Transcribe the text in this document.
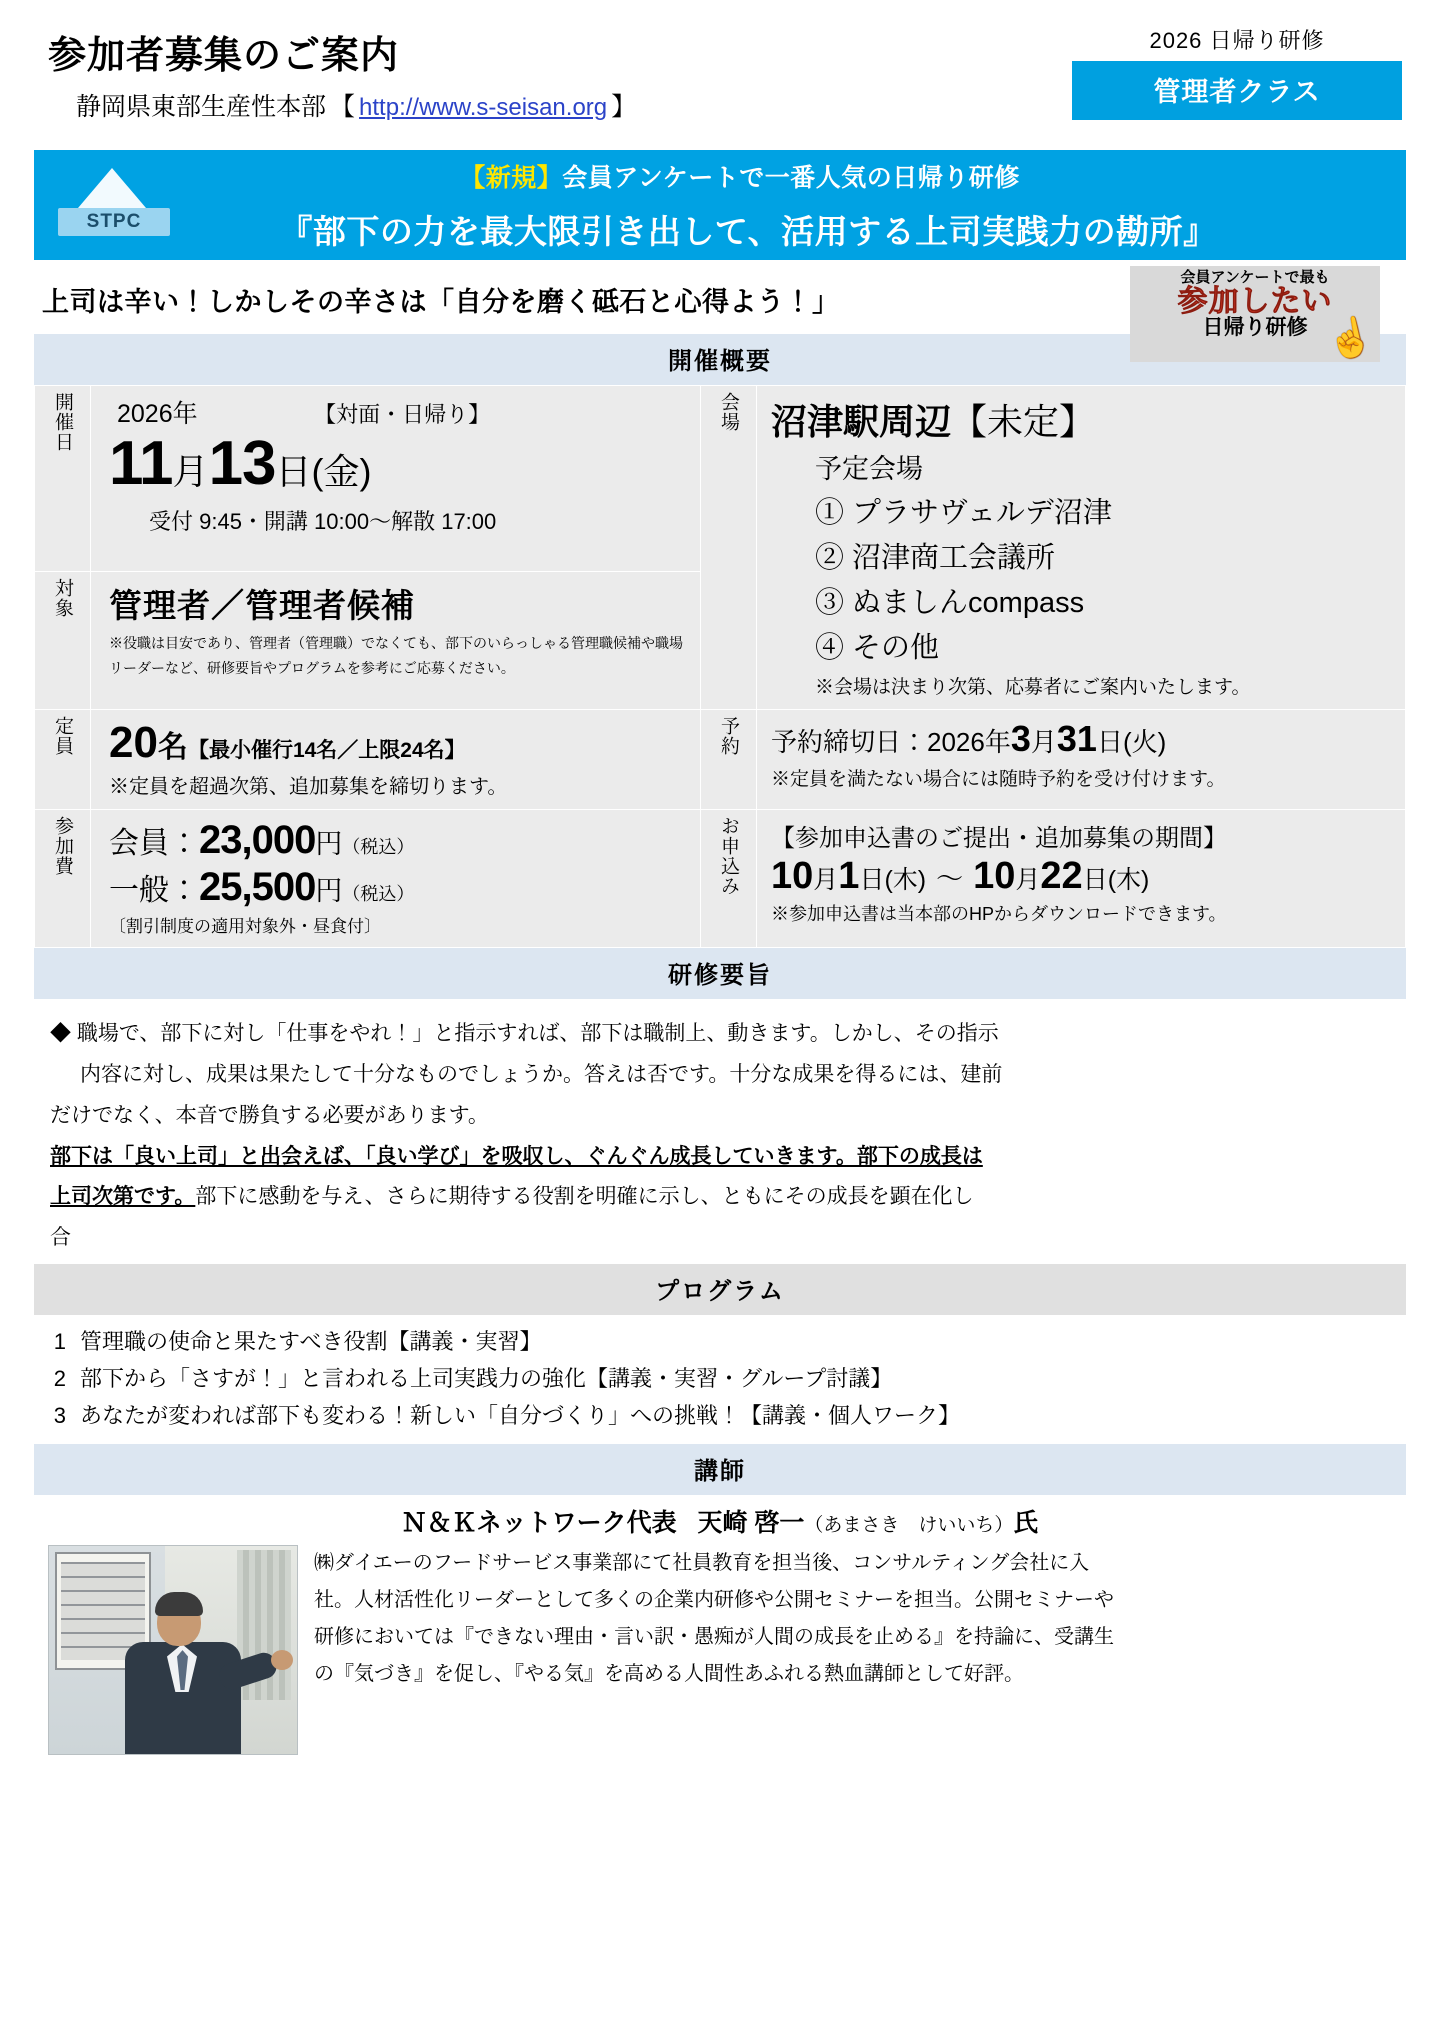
参加者募集のご案内
静岡県東部生産性本部 【 http://www.s-seisan.org 】
2026 日帰り研修
管理者クラス
STPC
【新規】会員アンケートで一番人気の日帰り研修
『部下の力を最大限引き出して、活用する上司実践力の勘所』
上司は辛い！しかしその辛さは「自分を磨く砥石と心得よう！」
会員アンケートで最も
参加したい
日帰り研修 ☝
開催概要
開催日	2026年	【対面・日帰り】
11月13日(金)
受付 9:45・開講 10:00〜解散 17:00
	会場	沼津駅周辺【未定】
予定会場
① プラサヴェルデ沼津
② 沼津商工会議所
③ ぬましんcompass
④ その他
※会場は決まり次第、応募者にご案内いたします。

対象	管理者／管理者候補
※役職は目安であり、管理者（管理職）でなくても、部下のいらっしゃる管理職候補や職場リーダーなど、研修要旨やプログラムを参考にご応募ください。		

定員	20名【最小催行14名／上限24名】
※定員を超過次第、追加募集を締切ります。
	予約	予約締切日：2026年3月31日(火)
※定員を満たない場合には随時予約を受け付けます。

参加費	会員：23,000円（税込）
一般：25,500円（税込）
〔割引制度の適用対象外・昼食付〕
	お申込み	【参加申込書のご提出・追加募集の期間】
10月1日(木) 〜 10月22日(木)
※参加申込書は当本部のHPからダウンロードできます。
研修要旨

◆ 職場で、部下に対し「仕事をやれ！」と指示すれば、部下は職制上、動きます。しかし、その指示

内容に対し、成果は果たして十分なものでしょうか。答えは否です。十分な成果を得るには、建前

だけでなく、本音で勝負する必要があります。

部下は「良い上司」と出会えば、「良い学び」を吸収し、ぐんぐん成長していきます。部下の成長は

上司次第です。部下に感動を与え、さらに期待する役割を明確に示し、ともにその成長を顕在化し

合

プログラム
1 管理職の使命と果たすべき役割【講義・実習】
2 部下から「さすが！」と言われる上司実践力の強化【講義・実習・グループ討議】
3 あなたが変われば部下も変わる！新しい「自分づくり」への挑戦！【講義・個人ワーク】
講師
Ｎ＆Ｋネットワーク代表 天崎 啓一（あまさき　けいいち）氏

㈱ダイエーのフードサービス事業部にて社員教育を担当後、コンサルティング会社に入

社。人材活性化リーダーとして多くの企業内研修や公開セミナーを担当。公開セミナーや

研修においては『できない理由・言い訳・愚痴が人間の成長を止める』を持論に、受講生

の『気づき』を促し、『やる気』を高める人間性あふれる熱血講師として好評。
